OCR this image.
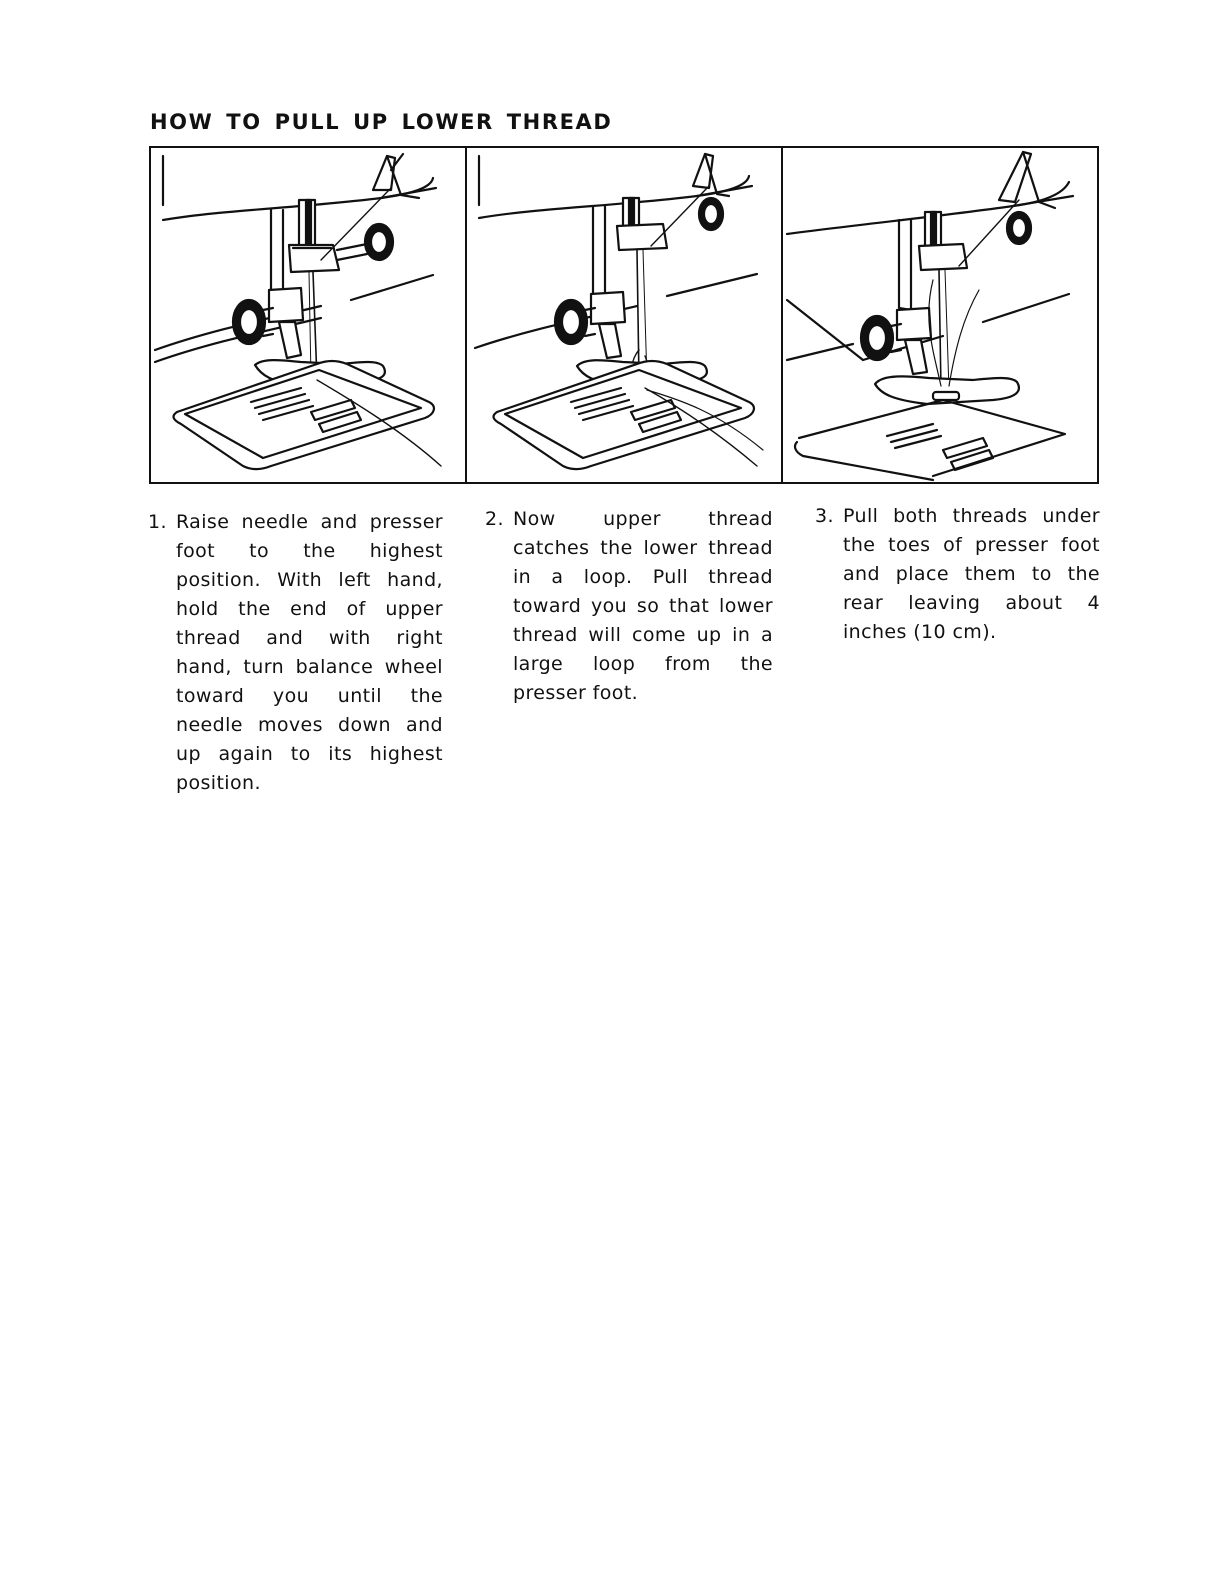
HOW TO PULL UP LOWER THREAD
1. Raise needle and presser foot to the highest position. With left hand, hold the end of upper thread and with right hand, turn balance wheel toward you until the needle moves down and up again to its highest position.
2. Now upper thread catches the lower thread in a loop. Pull thread toward you so that lower thread will come up in a large loop from the presser foot.
3. Pull both threads under the toes of presser foot and place them to the rear leaving about 4 inches (10 cm).
